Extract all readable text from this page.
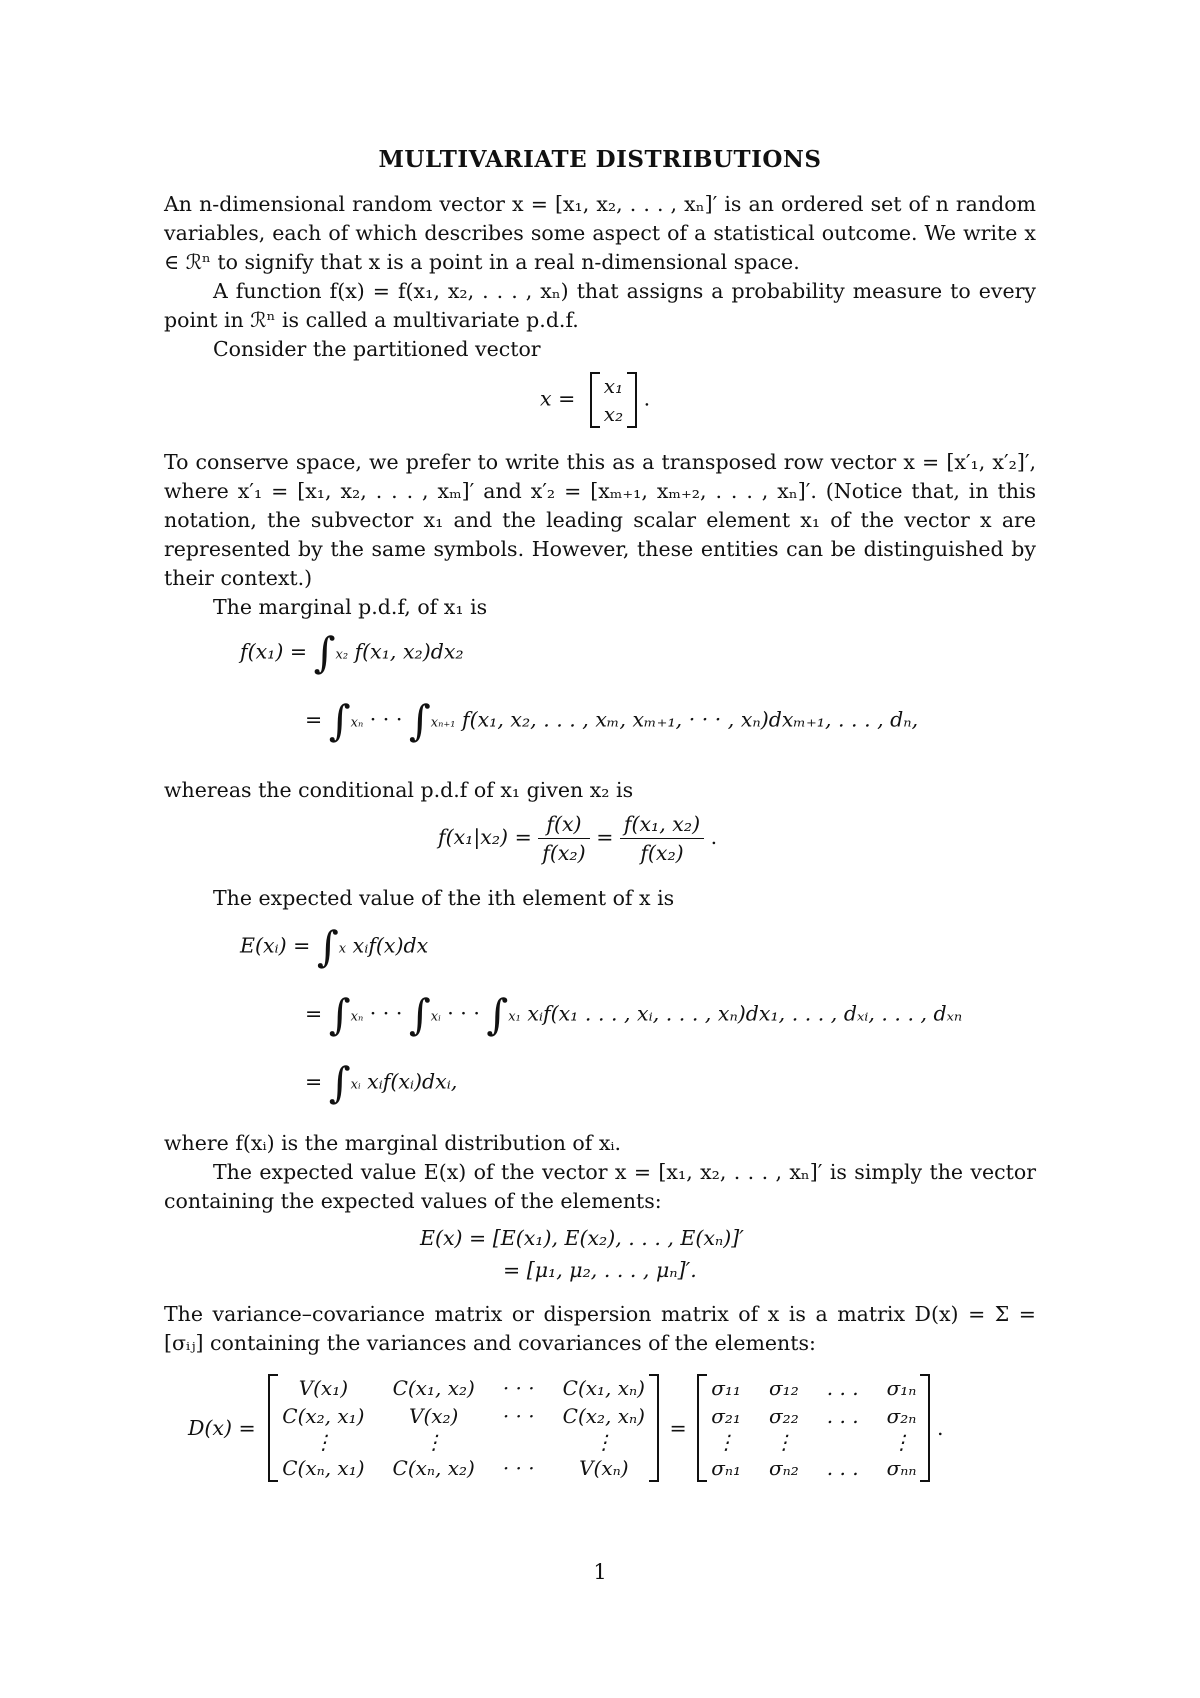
MULTIVARIATE DISTRIBUTIONS

An n-dimensional random vector x = [x₁, x₂, . . . , xₙ]′ is an ordered set of n random variables, each of which describes some aspect of a statistical outcome. We write x ∈ ℛⁿ to signify that x is a point in a real n-dimensional space.

A function f(x) = f(x₁, x₂, . . . , xₙ) that assigns a probability measure to every point in ℛⁿ is called a multivariate p.d.f.

Consider the partitioned vector

x =
x₁
x₂
.

To conserve space, we prefer to write this as a transposed row vector x = [x′₁, x′₂]′, where x′₁ = [x₁, x₂, . . . , xₘ]′ and x′₂ = [xₘ₊₁, xₘ₊₂, . . . , xₙ]′. (Notice that, in this notation, the subvector x₁ and the leading scalar element x₁ of the vector x are represented by the same symbols. However, these entities can be distinguished by their context.)

The marginal p.d.f, of x₁ is

f(x₁) = ∫x₂ f(x₁, x₂)dx₂
= ∫xₙ · · · ∫xₙ₊₁ f(x₁, x₂, . . . , xₘ, xₘ₊₁, · · · , xₙ)dxₘ₊₁, . . . , dₙ,

whereas the conditional p.d.f of x₁ given x₂ is

$f(x_1|x_2) = \frac{f(x)}{\text{f(x₂)}} = \frac{\text{f(x₁, x₂)}}{\text{f(x₂)}}$ .

The expected value of the ith element of x is

E(xᵢ) = ∫x xᵢf(x)dx
= ∫xₙ · · · ∫xᵢ · · · ∫x₁ xᵢf(x₁ . . . , xᵢ, . . . , xₙ)dx₁, . . . , dₓᵢ, . . . , dₓₙ
= ∫xᵢ xᵢf(xᵢ)dxᵢ,

where f(xᵢ) is the marginal distribution of xᵢ.

The expected value E(x) of the vector x = [x₁, x₂, . . . , xₙ]′ is simply the vector containing the expected values of the elements:

E(x) = [E(x₁), E(x₂), . . . , E(xₙ)]′
= [μ₁, μ₂, . . . , μₙ]′.

The variance–covariance matrix or dispersion matrix of x is a matrix D(x) = Σ = [σᵢⱼ] containing the variances and covariances of the elements:

D(x) =
V(x₁)	C(x₁, x₂)	· · ·	C(x₁, xₙ)
C(x₂, x₁)	V(x₂)	· · ·	C(x₂, xₙ)
⋮	⋮		⋮
C(xₙ, x₁)	C(xₙ, x₂)	· · ·	V(xₙ)
=
σ₁₁	σ₁₂	. . .	σ₁ₙ
σ₂₁	σ₂₂	. . .	σ₂ₙ
⋮	⋮		⋮
σₙ₁	σₙ₂	. . .	σₙₙ
.
1
